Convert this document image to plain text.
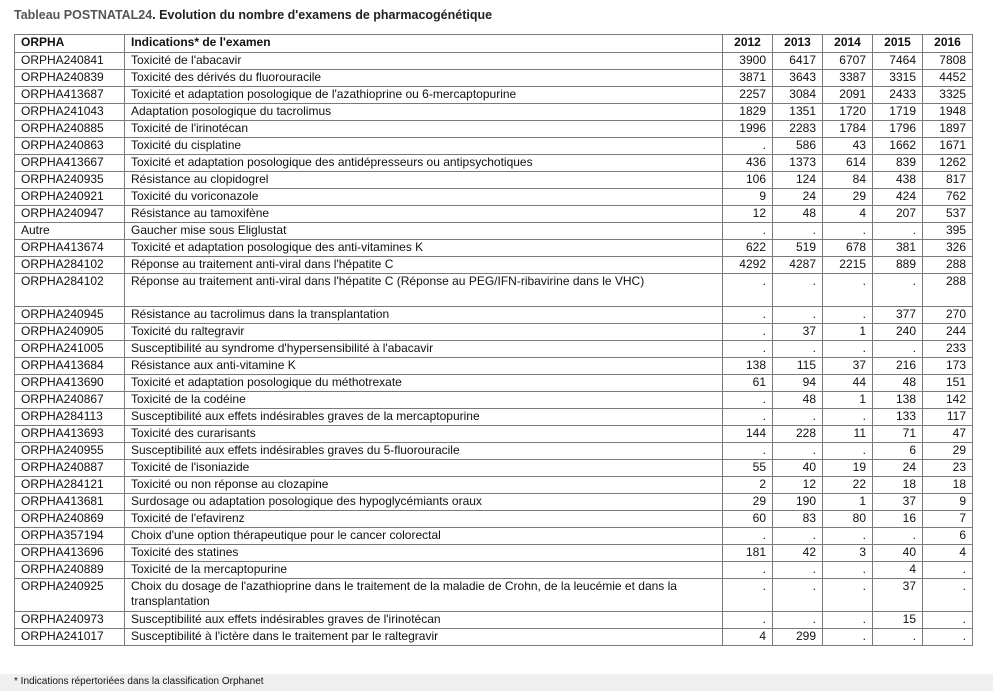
Tableau POSTNATAL24. Evolution du nombre d'examens de pharmacogénétique
ORPHA	Indications* de l'examen	2012	2013	2014	2015	2016
ORPHA240841	Toxicité de l'abacavir	3900	6417	6707	7464	7808
ORPHA240839	Toxicité des dérivés du fluorouracile	3871	3643	3387	3315	4452
ORPHA413687	Toxicité et adaptation posologique de l'azathioprine ou 6-mercaptopurine	2257	3084	2091	2433	3325
ORPHA241043	Adaptation posologique du tacrolimus	1829	1351	1720	1719	1948
ORPHA240885	Toxicité de l'irinotécan	1996	2283	1784	1796	1897
ORPHA240863	Toxicité du cisplatine	.	586	43	1662	1671
ORPHA413667	Toxicité et adaptation posologique des antidépresseurs ou antipsychotiques	436	1373	614	839	1262
ORPHA240935	Résistance au clopidogrel	106	124	84	438	817
ORPHA240921	Toxicité du voriconazole	9	24	29	424	762
ORPHA240947	Résistance au tamoxifène	12	48	4	207	537
Autre	Gaucher mise sous Eliglustat	.	.	.	.	395
ORPHA413674	Toxicité et adaptation posologique des anti-vitamines K	622	519	678	381	326
ORPHA284102	Réponse au traitement anti-viral dans l'hépatite C	4292	4287	2215	889	288
ORPHA284102	Réponse au traitement anti-viral dans l'hépatite C (Réponse au PEG/IFN-ribavirine dans le VHC)	.	.	.	.	288
ORPHA240945	Résistance au tacrolimus dans la transplantation	.	.	.	377	270
ORPHA240905	Toxicité du raltegravir	.	37	1	240	244
ORPHA241005	Susceptibilité au syndrome d'hypersensibilité à l'abacavir	.	.	.	.	233
ORPHA413684	Résistance aux anti-vitamine K	138	115	37	216	173
ORPHA413690	Toxicité et adaptation posologique du méthotrexate	61	94	44	48	151
ORPHA240867	Toxicité de la codéine	.	48	1	138	142
ORPHA284113	Susceptibilité aux effets indésirables graves de la mercaptopurine	.	.	.	133	117
ORPHA413693	Toxicité des curarisants	144	228	11	71	47
ORPHA240955	Susceptibilité aux effets indésirables graves du 5-fluorouracile	.	.	.	6	29
ORPHA240887	Toxicité de l'isoniazide	55	40	19	24	23
ORPHA284121	Toxicité ou non réponse au clozapine	2	12	22	18	18
ORPHA413681	Surdosage ou adaptation posologique des hypoglycémiants oraux	29	190	1	37	9
ORPHA240869	Toxicité de l'efavirenz	60	83	80	16	7
ORPHA357194	Choix d'une option thérapeutique pour le cancer colorectal	.	.	.	.	6
ORPHA413696	Toxicité des statines	181	42	3	40	4
ORPHA240889	Toxicité de la mercaptopurine	.	.	.	4	.
ORPHA240925	Choix du dosage de l'azathioprine dans le traitement de la maladie de Crohn, de la leucémie et dans la transplantation	.	.	.	37	.
ORPHA240973	Susceptibilité aux effets indésirables graves de l'irinotécan	.	.	.	15	.
ORPHA241017	Susceptibilité à l'ictère dans le traitement par le raltegravir	4	299	.	.	.
* Indications répertoriées dans la classification Orphanet
